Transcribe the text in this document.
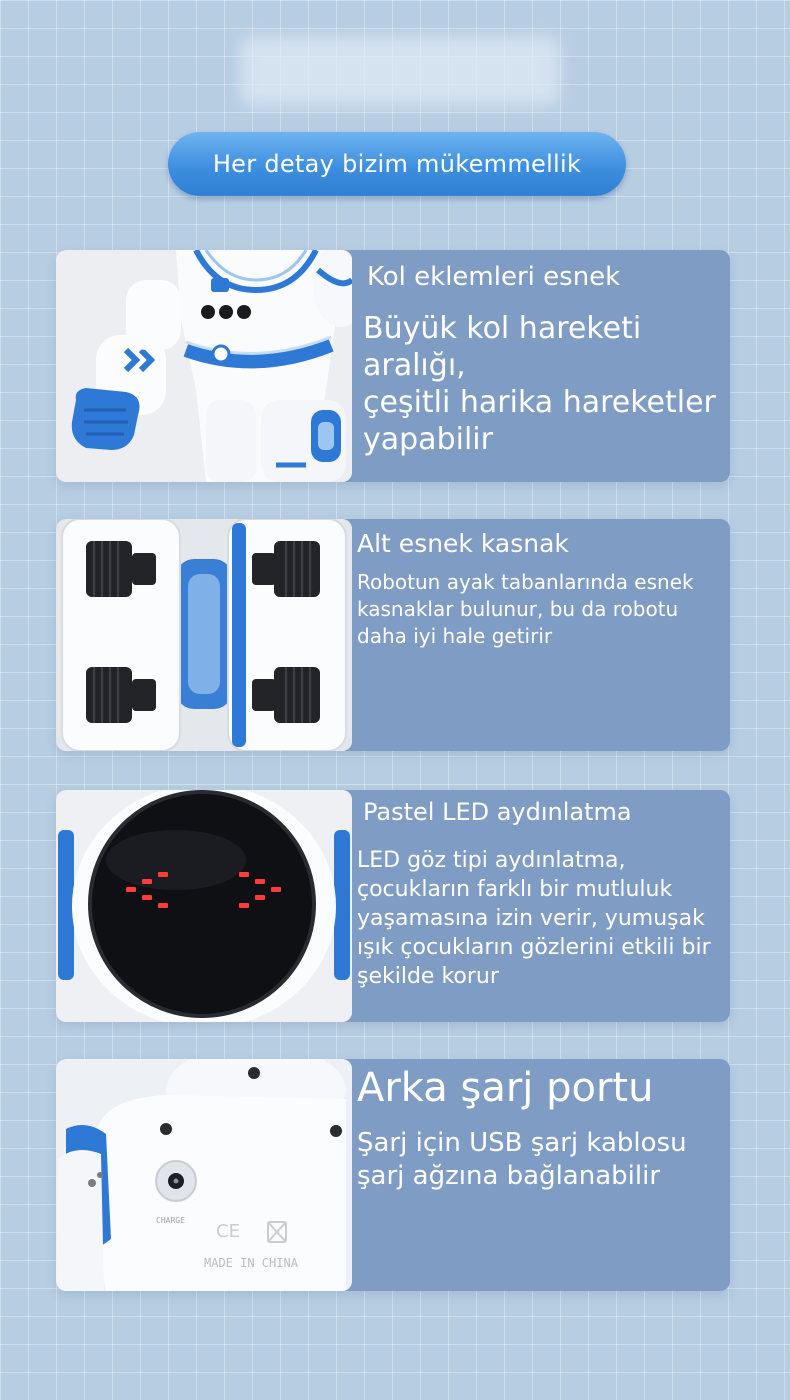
Her detay bizim mükemmellik
Kol eklemleri esnek
Büyük kol hareketi aralığı,
çeşitli harika hareketler
yapabilir
Alt esnek kasnak
Robotun ayak tabanlarında esnek
kasnaklar bulunur, bu da robotu
daha iyi hale getirir
Pastel LED aydınlatma
LED göz tipi aydınlatma,
çocukların farklı bir mutluluk
yaşamasına izin verir, yumuşak
ışık çocukların gözlerini etkili bir
şekilde korur
CHARGE
CE
MADE IN CHINA
Arka şarj portu
Şarj için USB şarj kablosu
şarj ağzına bağlanabilir
